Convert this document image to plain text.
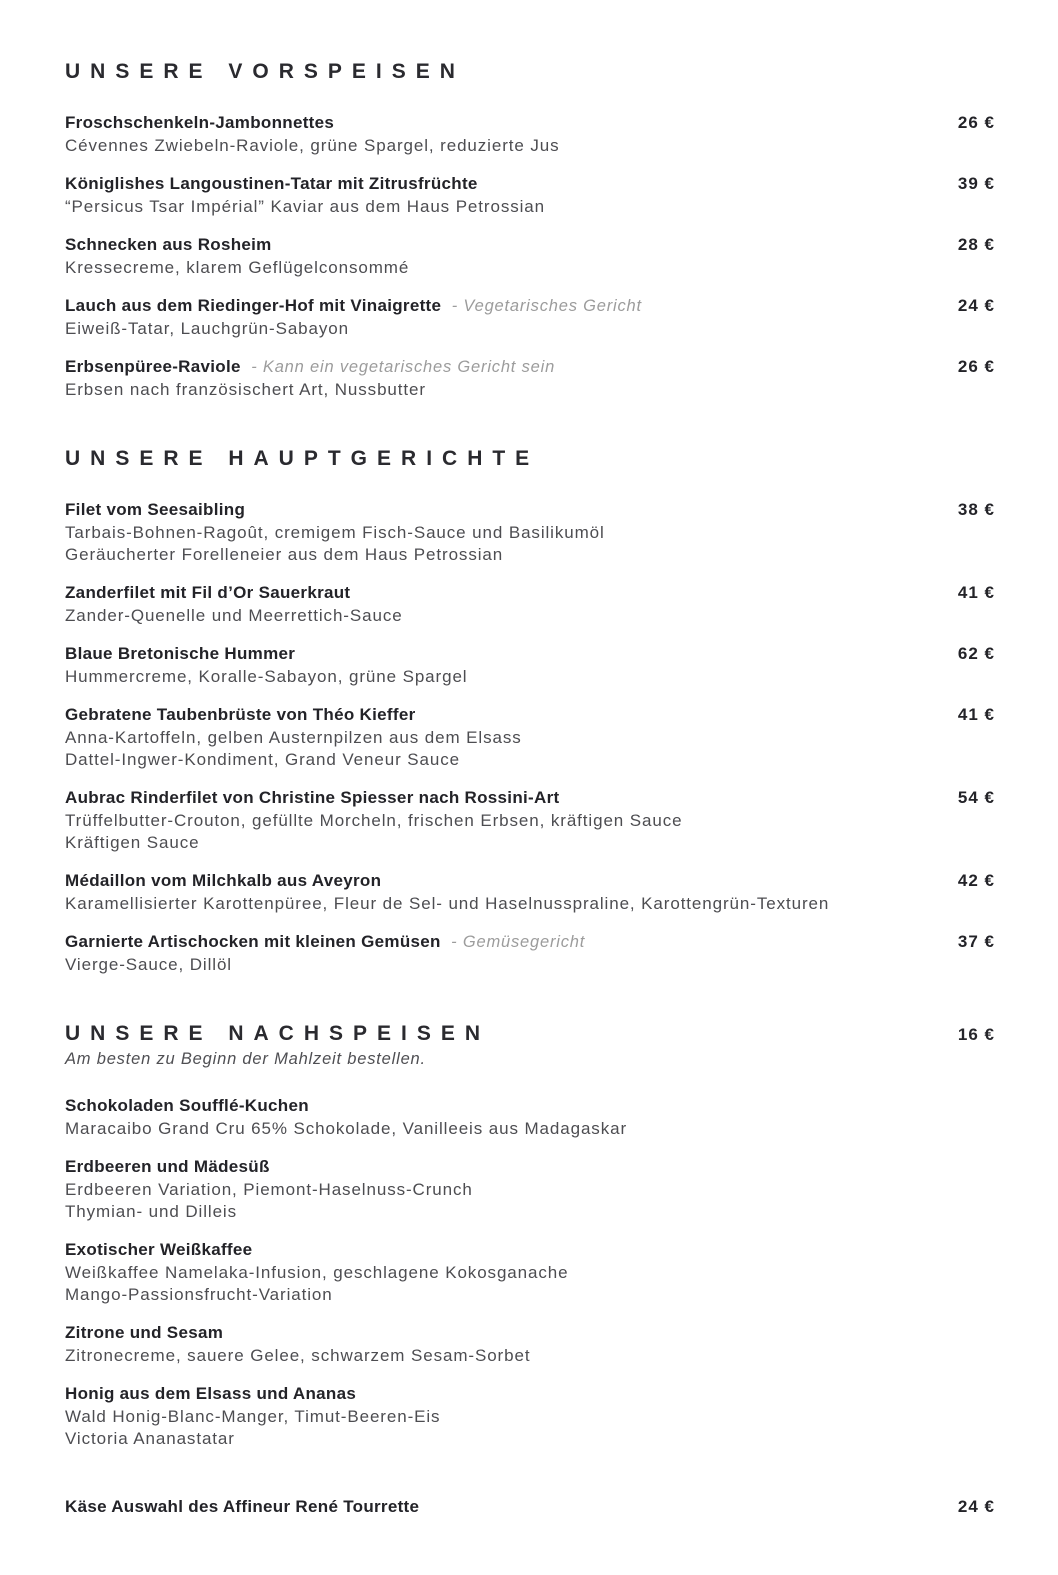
UNSERE VORSPEISEN
Froschschenkeln-Jambonnettes	26 €
Cévennes Zwiebeln-Raviole, grüne Spargel, reduzierte Jus
Königlishes Langoustinen-Tatar mit Zitrusfrüchte	39 €
“Persicus Tsar Impérial” Kaviar aus dem Haus Petrossian
Schnecken aus Rosheim	28 €
Kressecreme, klarem Geflügelconsommé
Lauch aus dem Riedinger-Hof mit Vinaigrette - Vegetarisches Gericht	24 €
Eiweiß-Tatar, Lauchgrün-Sabayon
Erbsenpüree-Raviole - Kann ein vegetarisches Gericht sein	26 €
Erbsen nach französischert Art, Nussbutter
UNSERE HAUPTGERICHTE
Filet vom Seesaibling	38 €
Tarbais-Bohnen-Ragoût, cremigem Fisch-Sauce und Basilikumöl
Geräucherter Forelleneier aus dem Haus Petrossian
Zanderfilet mit Fil d’Or Sauerkraut	41 €
Zander-Quenelle und Meerrettich-Sauce
Blaue Bretonische Hummer	62 €
Hummercreme, Koralle-Sabayon, grüne Spargel
Gebratene Taubenbrüste von Théo Kieffer	41 €
Anna-Kartoffeln, gelben Austernpilzen aus dem Elsass
Dattel-Ingwer-Kondiment, Grand Veneur Sauce
Aubrac Rinderfilet von Christine Spiesser nach Rossini-Art	54 €
Trüffelbutter-Crouton, gefüllte Morcheln, frischen Erbsen, kräftigen Sauce
Kräftigen Sauce
Médaillon vom Milchkalb aus Aveyron	42 €
Karamellisierter Karottenpüree, Fleur de Sel- und Haselnusspraline, Karottengrün-Texturen
Garnierte Artischocken mit kleinen Gemüsen - Gemüsegericht	37 €
Vierge-Sauce, Dillöl
UNSERE NACHSPEISEN	16 €
Am besten zu Beginn der Mahlzeit bestellen.
Schokoladen Soufflé-Kuchen
Maracaibo Grand Cru 65% Schokolade, Vanilleeis aus Madagaskar
Erdbeeren und Mädesüß
Erdbeeren Variation, Piemont-Haselnuss-Crunch
Thymian- und Dilleis
Exotischer Weißkaffee
Weißkaffee Namelaka-Infusion, geschlagene Kokosganache
Mango-Passionsfrucht-Variation
Zitrone und Sesam
Zitronecreme, sauere Gelee, schwarzem Sesam-Sorbet
Honig aus dem Elsass und Ananas
Wald Honig-Blanc-Manger, Timut-Beeren-Eis
Victoria Ananastatar
Käse Auswahl des Affineur René Tourrette	24 €
